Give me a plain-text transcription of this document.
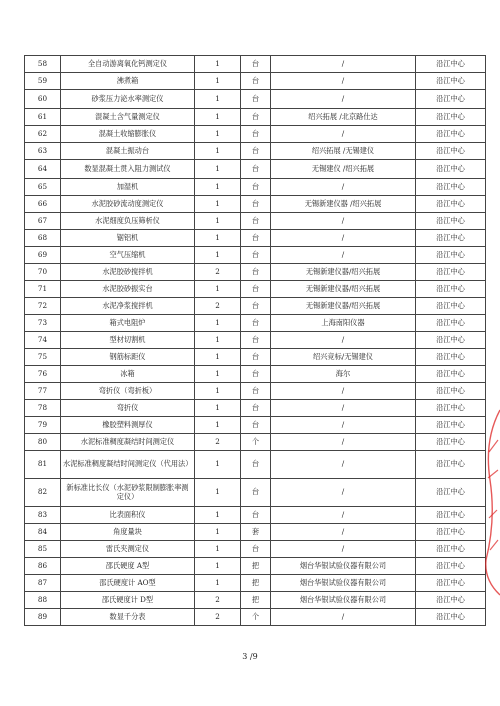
58	全自动游离氧化钙测定仪	1	台	/	沿江中心
59	沸煮箱	1	台	/	沿江中心
60	砂浆压力泌水率测定仪	1	台	/	沿江中心
61	混凝土含气量测定仪	1	台	绍兴拓展 /北京路仕达	沿江中心
62	混凝土收缩膨胀仪	1	台	/	沿江中心
63	混凝土振动台	1	台	绍兴拓展 /无锡建仪	沿江中心
64	数显混凝土贯入阻力测试仪	1	台	无锡建仪 /绍兴拓展	沿江中心
65	加湿机	1	台	/	沿江中心
66	水泥胶砂流动度测定仪	1	台	无锡新建仪器 /绍兴拓展	沿江中心
67	水泥细度负压筛析仪	1	台	/	沿江中心
68	锯铝机	1	台	/	沿江中心
69	空气压缩机	1	台	/	沿江中心
70	水泥胶砂搅拌机	2	台	无锡新建仪器/绍兴拓展	沿江中心
71	水泥胶砂振实台	1	台	无锡新建仪器/绍兴拓展	沿江中心
72	水泥净浆搅拌机	2	台	无锡新建仪器/绍兴拓展	沿江中心
73	箱式电阻炉	1	台	上海南阳仪器	沿江中心
74	型材切割机	1	台	/	沿江中心
75	钢筋标距仪	1	台	绍兴竞标/无锡建仪	沿江中心
76	冰箱	1	台	海尔	沿江中心
77	弯折仪（弯折板）	1	台	/	沿江中心
78	弯折仪	1	台	/	沿江中心
79	橡胶塑料测厚仪	1	台	/	沿江中心
80	水泥标准稠度凝结时间测定仪	2	个	/	沿江中心
81	水泥标准稠度凝结时间测定仪（代用法）	1	台	/	沿江中心
82	新标准比长仪（水泥砂浆限制膨胀率测定仪）	1	台	/	沿江中心
83	比表面积仪	1	台	/	沿江中心
84	角度量块	1	套	/	沿江中心
85	雷氏夹测定仪	1	台	/	沿江中心
86	邵氏硬度 A型	1	把	烟台华银试验仪器有限公司	沿江中心
87	邵氏硬度计 AO型	1	把	烟台华银试验仪器有限公司	沿江中心
88	邵氏硬度计 D型	2	把	烟台华银试验仪器有限公司	沿江中心
89	数显千分表	2	个	/	沿江中心
3 /9
